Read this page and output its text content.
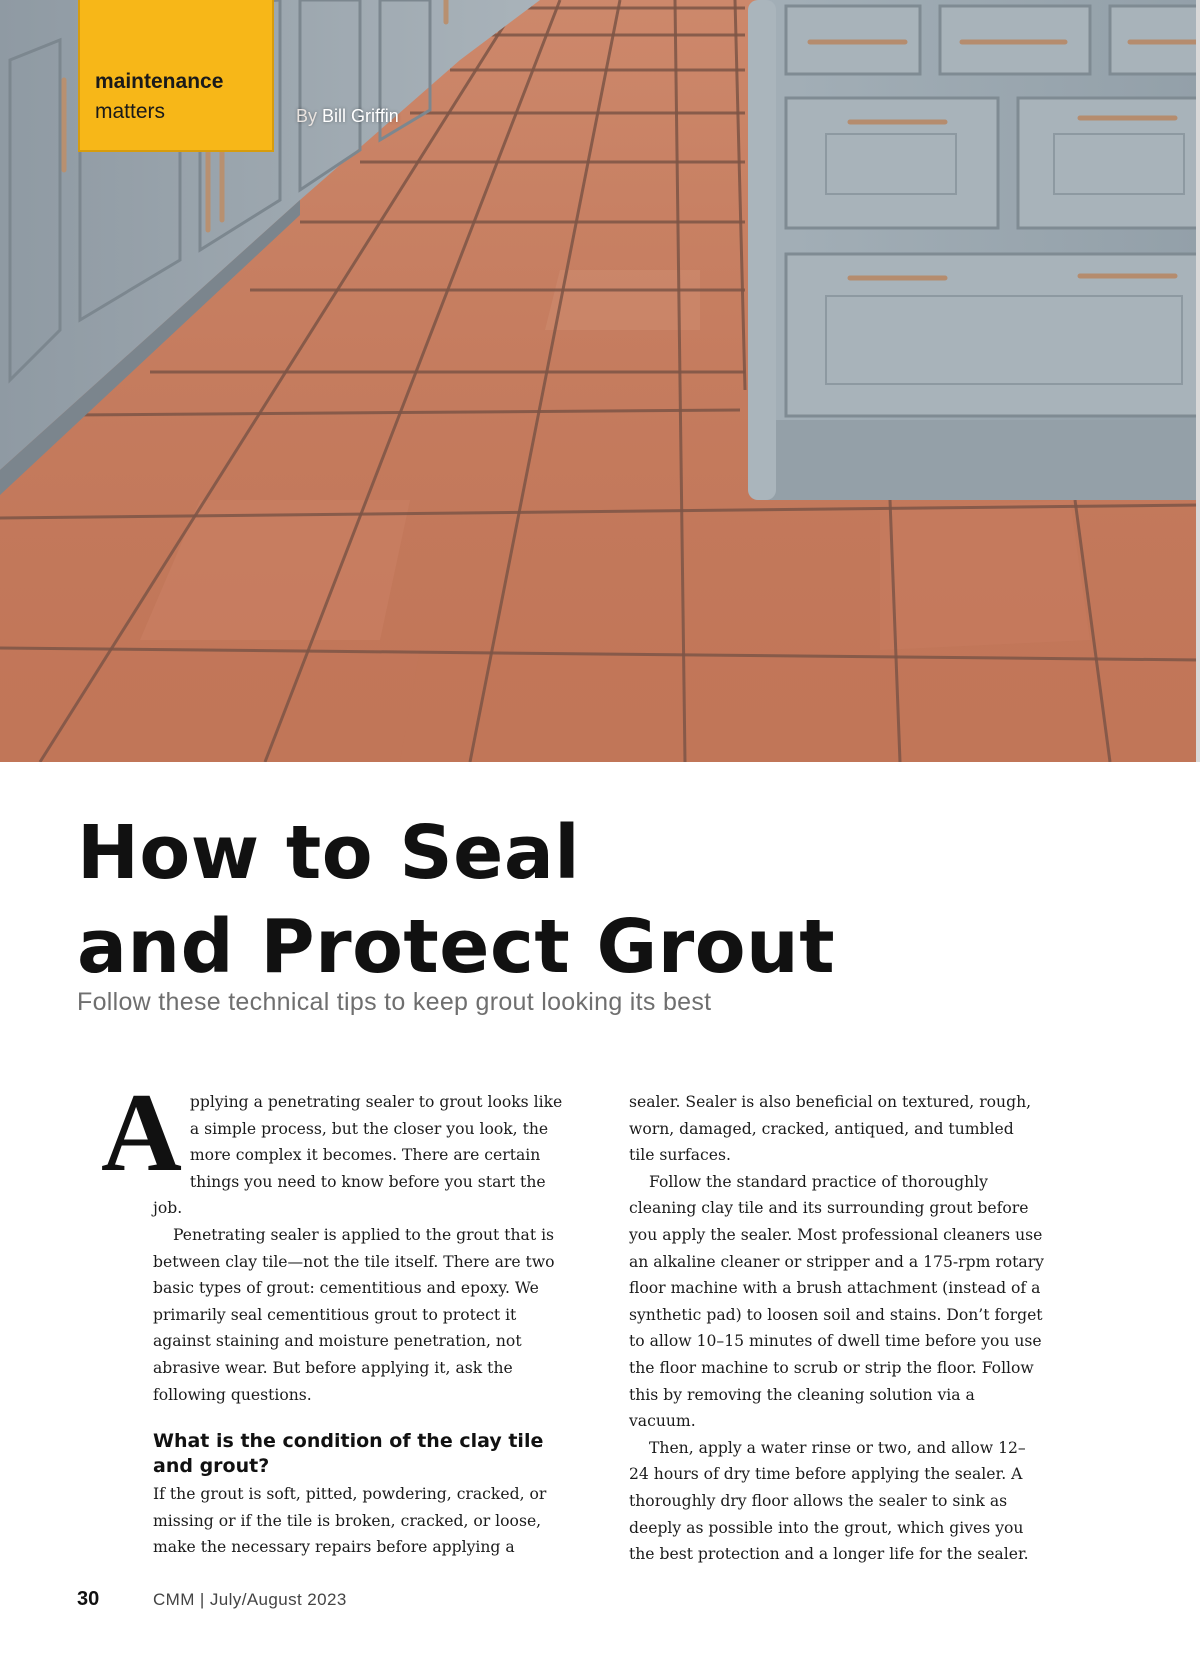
maintenance
matters	By Bill Griffin
How to Seal
and Protect Grout

Follow these technical tips to keep grout looking its best

Applying a penetrating sealer to grout looks like a simple process, but the closer you look, the more complex it becomes. There are certain things you need to know before you start the job.

Penetrating sealer is applied to the grout that is between clay tile—not the tile itself. There are two basic types of grout: cementitious and epoxy. We primarily seal cementitious grout to protect it against staining and moisture penetration, not abrasive wear. But before applying it, ask the following questions.

What is the condition of the clay tile and grout?

If the grout is soft, pitted, powdering, cracked, or missing or if the tile is broken, cracked, or loose, make the necessary repairs before applying a

sealer. Sealer is also beneficial on textured, rough, worn, damaged, cracked, antiqued, and tumbled tile surfaces.

Follow the standard practice of thoroughly cleaning clay tile and its surrounding grout before you apply the sealer. Most professional cleaners use an alkaline cleaner or stripper and a 175-rpm rotary floor machine with a brush attachment (instead of a synthetic pad) to loosen soil and stains. Don’t forget to allow 10–15 minutes of dwell time before you use the floor machine to scrub or strip the floor. Follow this by removing the cleaning solution via a vacuum.

Then, apply a water rinse or two, and allow 12–24 hours of dry time before applying the sealer. A thoroughly dry floor allows the sealer to sink as deeply as possible into the grout, which gives you the best protection and a longer life for the sealer.

30	CMM | July/August 2023
